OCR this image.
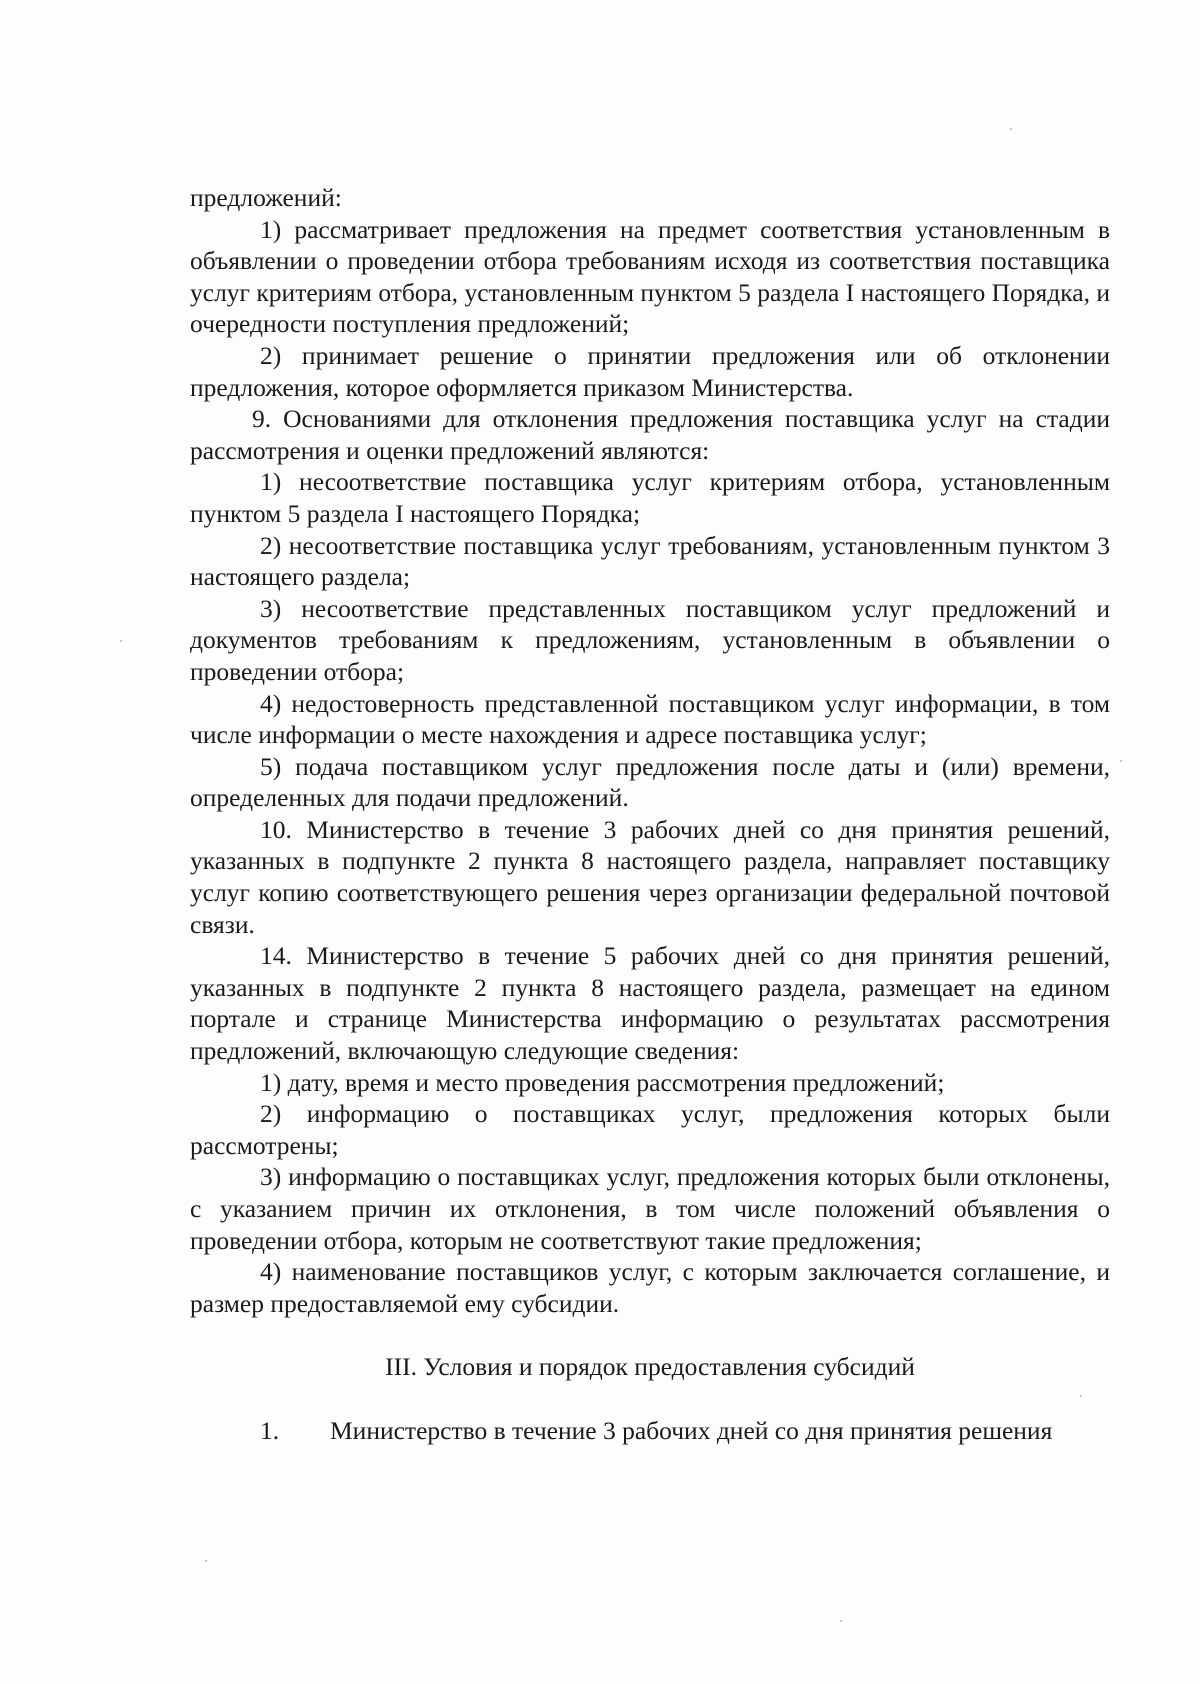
предложений:

1) рассматривает предложения на предмет соответствия установленным в объявлении о проведении отбора требованиям исходя из соответствия поставщика услуг критериям отбора, установленным пунктом 5 раздела I настоящего Порядка, и очередности поступления предложений;

2) принимает решение о принятии предложения или об отклонении предложения, которое оформляется приказом Министерства.

9. Основаниями для отклонения предложения поставщика услуг на стадии рассмотрения и оценки предложений являются:

1) несоответствие поставщика услуг критериям отбора, установленным пунктом 5 раздела I настоящего Порядка;

2) несоответствие поставщика услуг требованиям, установленным пунктом 3 настоящего раздела;

3) несоответствие представленных поставщиком услуг предложений и документов требованиям к предложениям, установленным в объявлении о проведении отбора;

4) недостоверность представленной поставщиком услуг информации, в том числе информации о месте нахождения и адресе поставщика услуг;

5) подача поставщиком услуг предложения после даты и (или) времени, определенных для подачи предложений.

10. Министерство в течение 3 рабочих дней со дня принятия решений, указанных в подпункте 2 пункта 8 настоящего раздела, направляет поставщику услуг копию соответствующего решения через организации федеральной почтовой связи.

14. Министерство в течение 5 рабочих дней со дня принятия решений, указанных в подпункте 2 пункта 8 настоящего раздела, размещает на едином портале и странице Министерства информацию о результатах рассмотрения предложений, включающую следующие сведения:

1) дату, время и место проведения рассмотрения предложений;

2) информацию о поставщиках услуг, предложения которых были рассмотрены;

3) информацию о поставщиках услуг, предложения которых были отклонены, с указанием причин их отклонения, в том числе положений объявления о проведении отбора, которым не соответствуют такие предложения;

4) наименование поставщиков услуг, с которым заключается соглашение, и размер предоставляемой ему субсидии.

III. Условия и порядок предоставления субсидий

1.	Министерство в течение 3 рабочих дней со дня принятия решения
